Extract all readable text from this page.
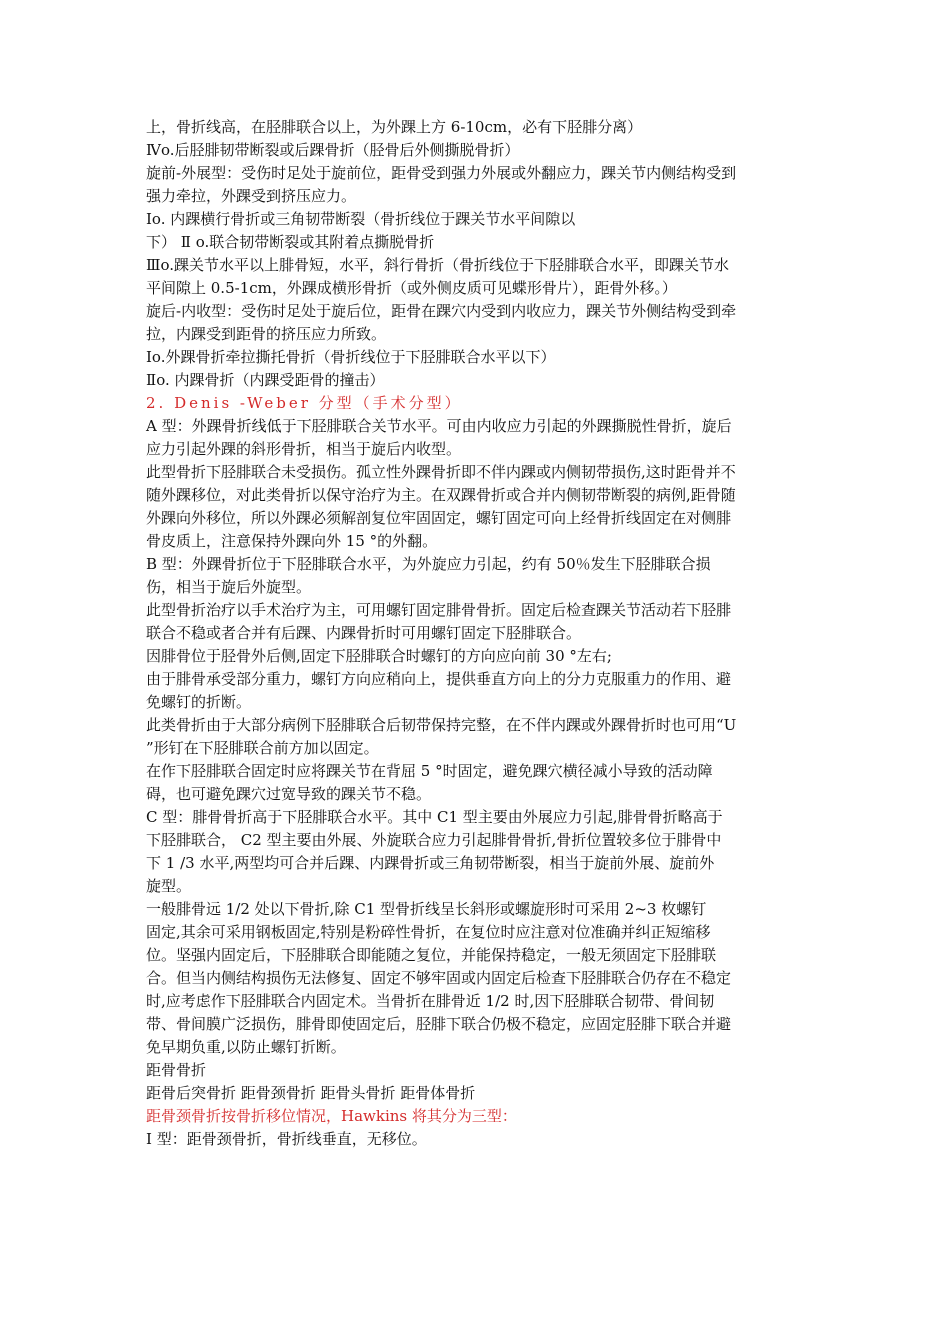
上，骨折线高，在胫腓联合以上，为外踝上方 6-10cm，必有下胫腓分离）
Ⅳo.后胫腓韧带断裂或后踝骨折（胫骨后外侧撕脱骨折）
旋前-外展型：受伤时足处于旋前位，距骨受到强力外展或外翻应力，踝关节内侧结构受到
强力牵拉，外踝受到挤压应力。
Ⅰo. 内踝横行骨折或三角韧带断裂（骨折线位于踝关节水平间隙以
下） Ⅱ o.联合韧带断裂或其附着点撕脱骨折
Ⅲo.踝关节水平以上腓骨短，水平，斜行骨折（骨折线位于下胫腓联合水平，即踝关节水
平间隙上 0.5-1cm，外踝成横形骨折（或外侧皮质可见蝶形骨片），距骨外移。）
旋后-内收型：受伤时足处于旋后位，距骨在踝穴内受到内收应力，踝关节外侧结构受到牵
拉，内踝受到距骨的挤压应力所致。
Ⅰo.外踝骨折牵拉撕托骨折（骨折线位于下胫腓联合水平以下）
Ⅱo. 内踝骨折（内踝受距骨的撞击）
2. Denis -Weber 分型（手术分型）
A 型：外踝骨折线低于下胫腓联合关节水平。可由内收应力引起的外踝撕脱性骨折，旋后
应力引起外踝的斜形骨折，相当于旋后内收型。
此型骨折下胫腓联合未受损伤。孤立性外踝骨折即不伴内踝或内侧韧带损伤,这时距骨并不
随外踝移位，对此类骨折以保守治疗为主。在双踝骨折或合并内侧韧带断裂的病例,距骨随
外踝向外移位，所以外踝必须解剖复位牢固固定，螺钉固定可向上经骨折线固定在对侧腓
骨皮质上，注意保持外踝向外 15 °的外翻。
B 型：外踝骨折位于下胫腓联合水平，为外旋应力引起，约有 50％发生下胫腓联合损
伤，相当于旋后外旋型。
此型骨折治疗以手术治疗为主，可用螺钉固定腓骨骨折。固定后检查踝关节活动若下胫腓
联合不稳或者合并有后踝、内踝骨折时可用螺钉固定下胫腓联合。
因腓骨位于胫骨外后侧,固定下胫腓联合时螺钉的方向应向前 30 °左右;
由于腓骨承受部分重力，螺钉方向应稍向上，提供垂直方向上的分力克服重力的作用、避
免螺钉的折断。
此类骨折由于大部分病例下胫腓联合后韧带保持完整，在不伴内踝或外踝骨折时也可用“U
”形钉在下胫腓联合前方加以固定。
在作下胫腓联合固定时应将踝关节在背屈 5 °时固定，避免踝穴横径减小导致的活动障
碍，也可避免踝穴过宽导致的踝关节不稳。
C 型：腓骨骨折高于下胫腓联合水平。其中 C1 型主要由外展应力引起,腓骨骨折略高于
下胫腓联合， C2 型主要由外展、外旋联合应力引起腓骨骨折,骨折位置较多位于腓骨中
下 1 /3 水平,两型均可合并后踝、内踝骨折或三角韧带断裂，相当于旋前外展、旋前外
旋型。
一般腓骨远 1/2 处以下骨折,除 C1 型骨折线呈长斜形或螺旋形时可采用 2~3 枚螺钉
固定,其余可采用钢板固定,特别是粉碎性骨折，在复位时应注意对位准确并纠正短缩移
位。坚强内固定后，下胫腓联合即能随之复位，并能保持稳定，一般无须固定下胫腓联
合。但当内侧结构损伤无法修复、固定不够牢固或内固定后检查下胫腓联合仍存在不稳定
时,应考虑作下胫腓联合内固定术。当骨折在腓骨近 1/2 时,因下胫腓联合韧带、骨间韧
带、骨间膜广泛损伤，腓骨即使固定后，胫腓下联合仍极不稳定，应固定胫腓下联合并避
免早期负重,以防止螺钉折断。
距骨骨折
距骨后突骨折 距骨颈骨折 距骨头骨折 距骨体骨折
距骨颈骨折按骨折移位情况，Hawkins 将其分为三型：
Ⅰ 型：距骨颈骨折，骨折线垂直，无移位。
